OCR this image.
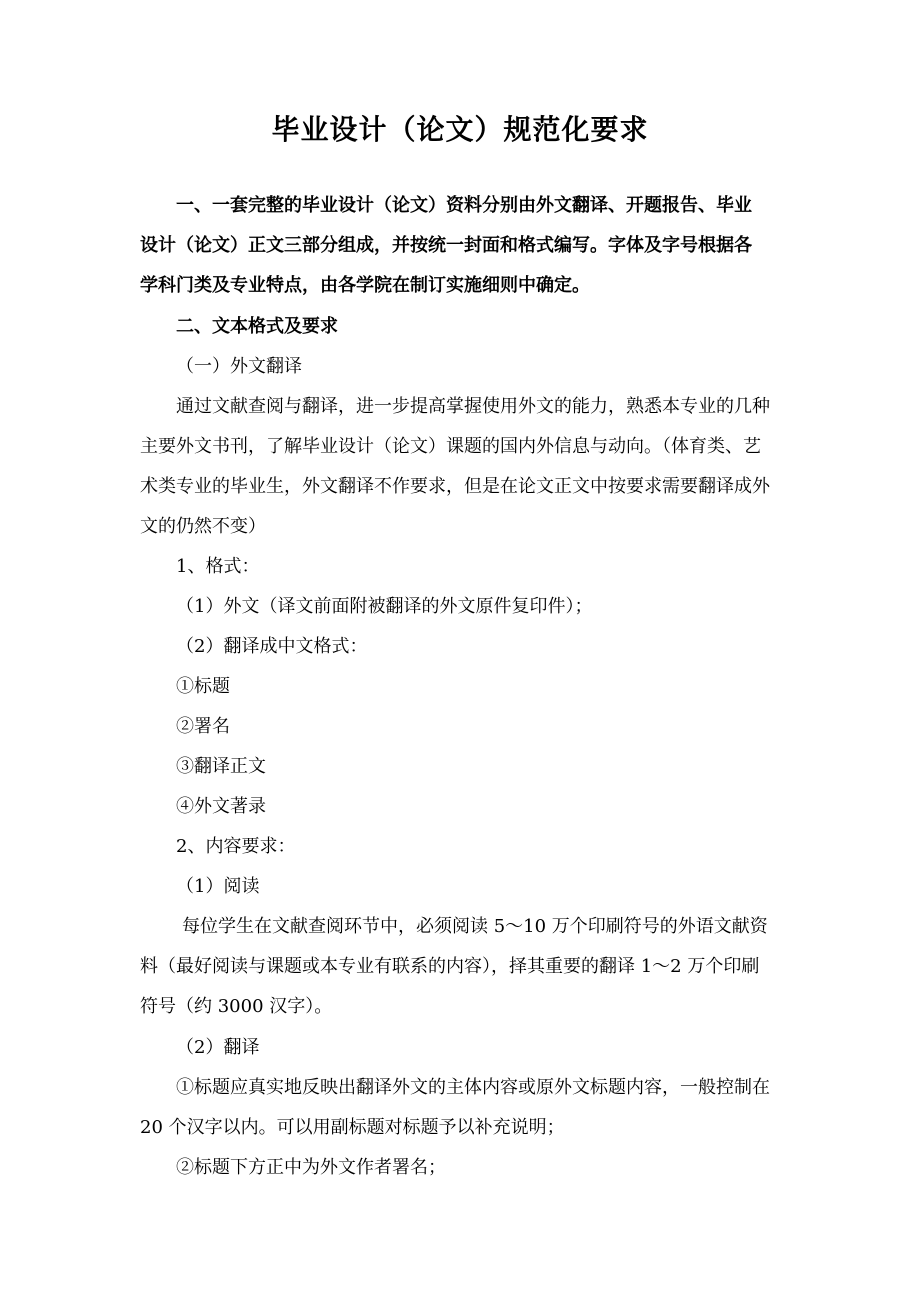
毕业设计（论文）规范化要求
一、一套完整的毕业设计（论文）资料分别由外文翻译、开题报告、毕业
设计（论文）正文三部分组成，并按统一封面和格式编写。字体及字号根据各
学科门类及专业特点，由各学院在制订实施细则中确定。
二、文本格式及要求
（一）外文翻译
通过文献查阅与翻译，进一步提高掌握使用外文的能力，熟悉本专业的几种
主要外文书刊，了解毕业设计（论文）课题的国内外信息与动向。（体育类、艺
术类专业的毕业生，外文翻译不作要求，但是在论文正文中按要求需要翻译成外
文的仍然不变）
1、格式：
（1）外文（译文前面附被翻译的外文原件复印件）；
（2）翻译成中文格式：
①标题
②署名
③翻译正文
④外文著录
2、内容要求：
（1）阅读
每位学生在文献查阅环节中，必须阅读 5～10 万个印刷符号的外语文献资
料（最好阅读与课题或本专业有联系的内容），择其重要的翻译 1～2 万个印刷
符号（约 3000 汉字）。
（2）翻译
①标题应真实地反映出翻译外文的主体内容或原外文标题内容，一般控制在
20 个汉字以内。可以用副标题对标题予以补充说明；
②标题下方正中为外文作者署名；
